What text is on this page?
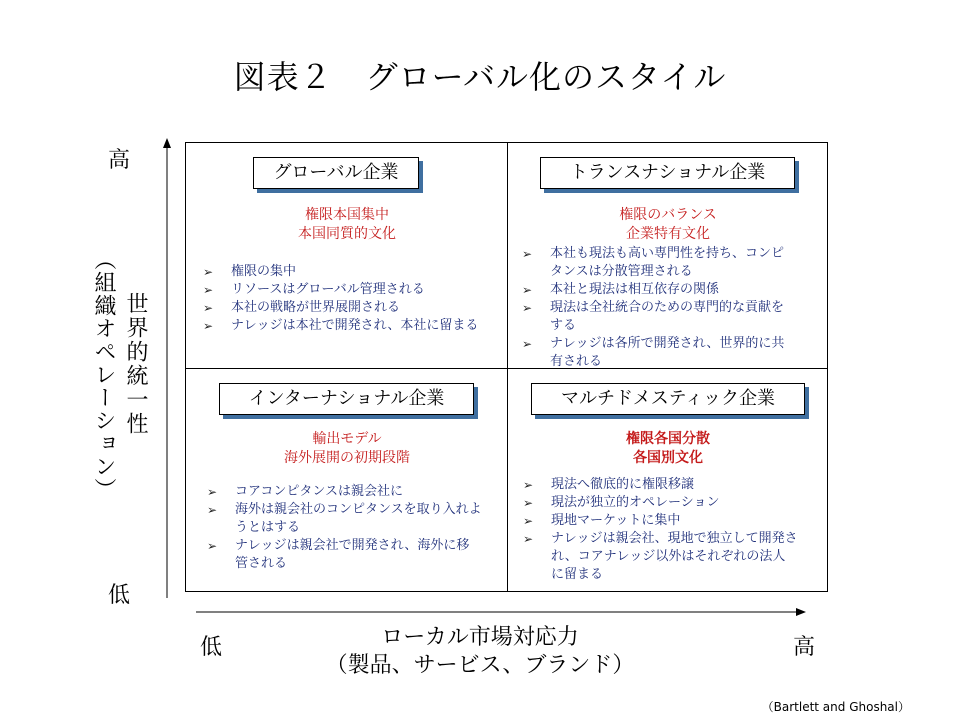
図表２　グローバル化のスタイル
高
低
（組織オペレーション） 世界的統一性
低	高
ローカル市場対応力
（製品、サービス、ブランド）
グローバル企業
権限本国集中
本国同質的文化
➢ 権限の集中
➢ リソースはグローバル管理される
➢ 本社の戦略が世界展開される
➢ ナレッジは本社で開発され、本社に留まる
トランスナショナル企業
権限のバランス
企業特有文化
➢ 本社も現法も高い専門性を持ち、コンピタンスは分散管理される
➢ 本社と現法は相互依存の関係
➢ 現法は全社統合のための専門的な貢献をする
➢ ナレッジは各所で開発され、世界的に共有される
インターナショナル企業
輸出モデル
海外展開の初期段階
➢ コアコンピタンスは親会社に
➢ 海外は親会社のコンピタンスを取り入れようとはする
➢ ナレッジは親会社で開発され、海外に移管される
マルチドメスティック企業
権限各国分散
各国別文化
➢ 現法へ徹底的に権限移譲
➢ 現法が独立的オペレーション
➢ 現地マーケットに集中
➢ ナレッジは親会社、現地で独立して開発され、コアナレッジ以外はそれぞれの法人に留まる
（Bartlett and Ghoshal）
